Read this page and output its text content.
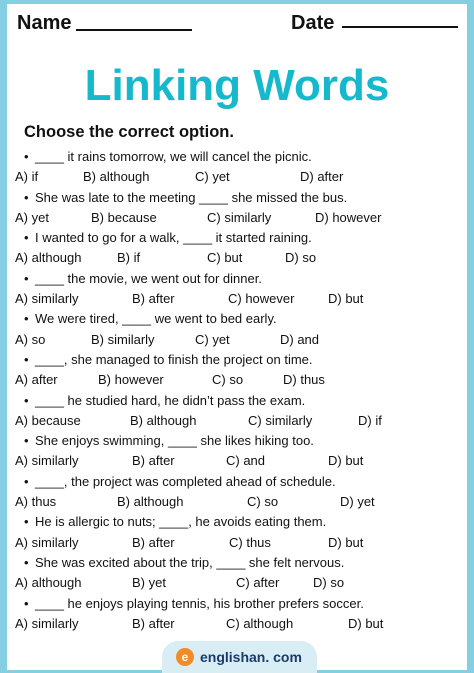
Name	Date
Linking Words
Choose the correct option.
• ____ it rains tomorrow, we will cancel the picnic.
A) if	B) although	C) yet	D) after
• She was late to the meeting ____ she missed the bus.
A) yet	B) because	C) similarly	D) however
• I wanted to go for a walk, ____ it started raining.
A) although	B) if	C) but	D) so
• ____ the movie, we went out for dinner.
A) similarly	B) after	C) however	D) but
• We were tired, ____ we went to bed early.
A) so	B) similarly	C) yet	D) and
• ____, she managed to finish the project on time.
A) after	B) however	C) so	D) thus
• ____ he studied hard, he didn’t pass the exam.
A) because	B) although	C) similarly	D) if
• She enjoys swimming, ____ she likes hiking too.
A) similarly	B) after	C) and	D) but
• ____, the project was completed ahead of schedule.
A) thus	B) although	C) so	D) yet
• He is allergic to nuts; ____, he avoids eating them.
A) similarly	B) after	C) thus	D) but
• She was excited about the trip, ____ she felt nervous.
A) although	B) yet	C) after	D) so
• ____ he enjoys playing tennis, his brother prefers soccer.
A) similarly	B) after	C) although	D) but
e englishan. com
